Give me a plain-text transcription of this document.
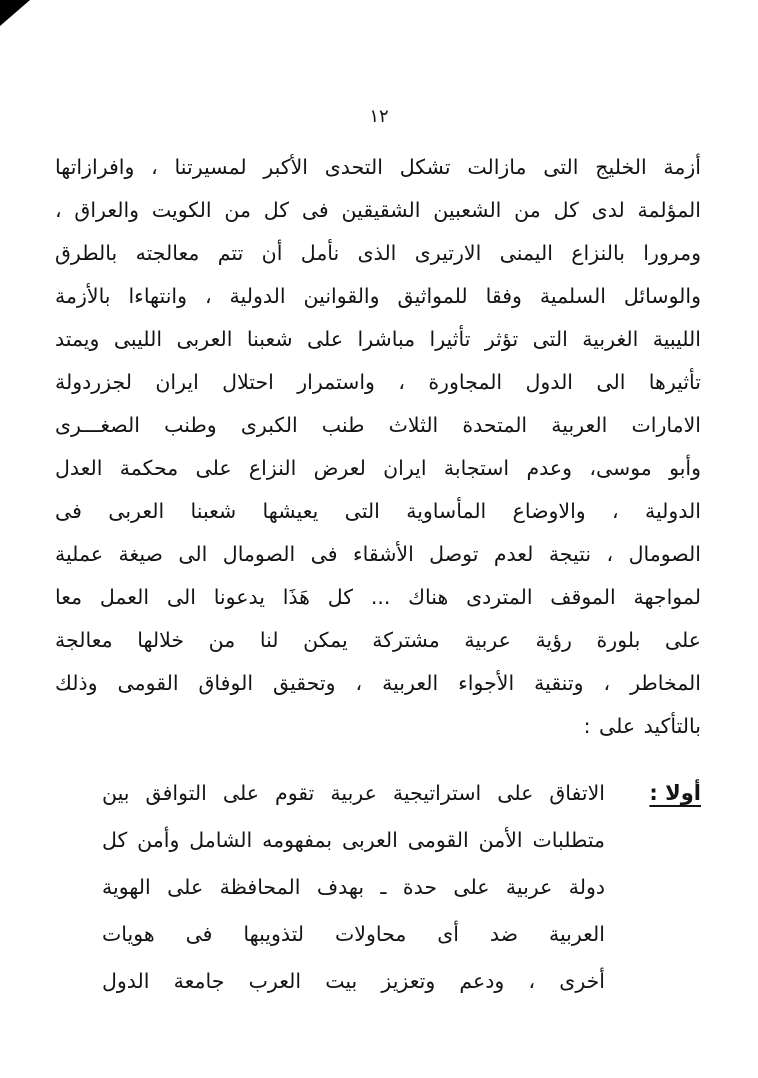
١٢
أزمة الخليج التى مازالت تشكل التحدى الأكبر لمسيرتنا ، وافرازاتها
المؤلمة لدى كل من الشعبين الشقيقين فى كل من الكويت والعراق ،
ومرورا بالنزاع اليمنى الارتيرى الذى نأمل أن تتم معالجته بالطرق
والوسائل السلمية وفقا للمواثيق والقوانين الدولية ، وانتهاءا بالأزمة
الليبية الغربية التى تؤثر تأثيرا مباشرا على شعبنا العربى الليبى ويمتد
تأثيرها الى الدول المجاورة ، واستمرار احتلال ايران لجزردولة
الامارات العربية المتحدة الثلاث طنب الكبرى وطنب الصغـــرى
وأبو موسى، وعدم استجابة ايران لعرض النزاع على محكمة العدل
الدولية ، والاوضاع المأساوية التى يعيشها شعبنا العربى فى
الصومال ، نتيجة لعدم توصل الأشقاء فى الصومال الى صيغة عملية
لمواجهة الموقف المتردى هناك ... كل هَذَا يدعونا الى العمل معا
على بلورة رؤية عربية مشتركة يمكن لنا من خلالها معالجة
المخاطر ، وتنقية الأجواء العربية ، وتحقيق الوفاق القومى وذلك
بالتأكيد على :
أولا :
الاتفاق على استراتيجية عربية تقوم على التوافق بين
متطلبات الأمن القومى العربى بمفهومه الشامل وأمن كل
دولة عربية على حدة ـ بهدف المحافظة على الهوية
العربية ضد أى محاولات لتذويبها فى هويات
أخرى ، ودعم وتعزيز بيت العرب جامعة الدول
